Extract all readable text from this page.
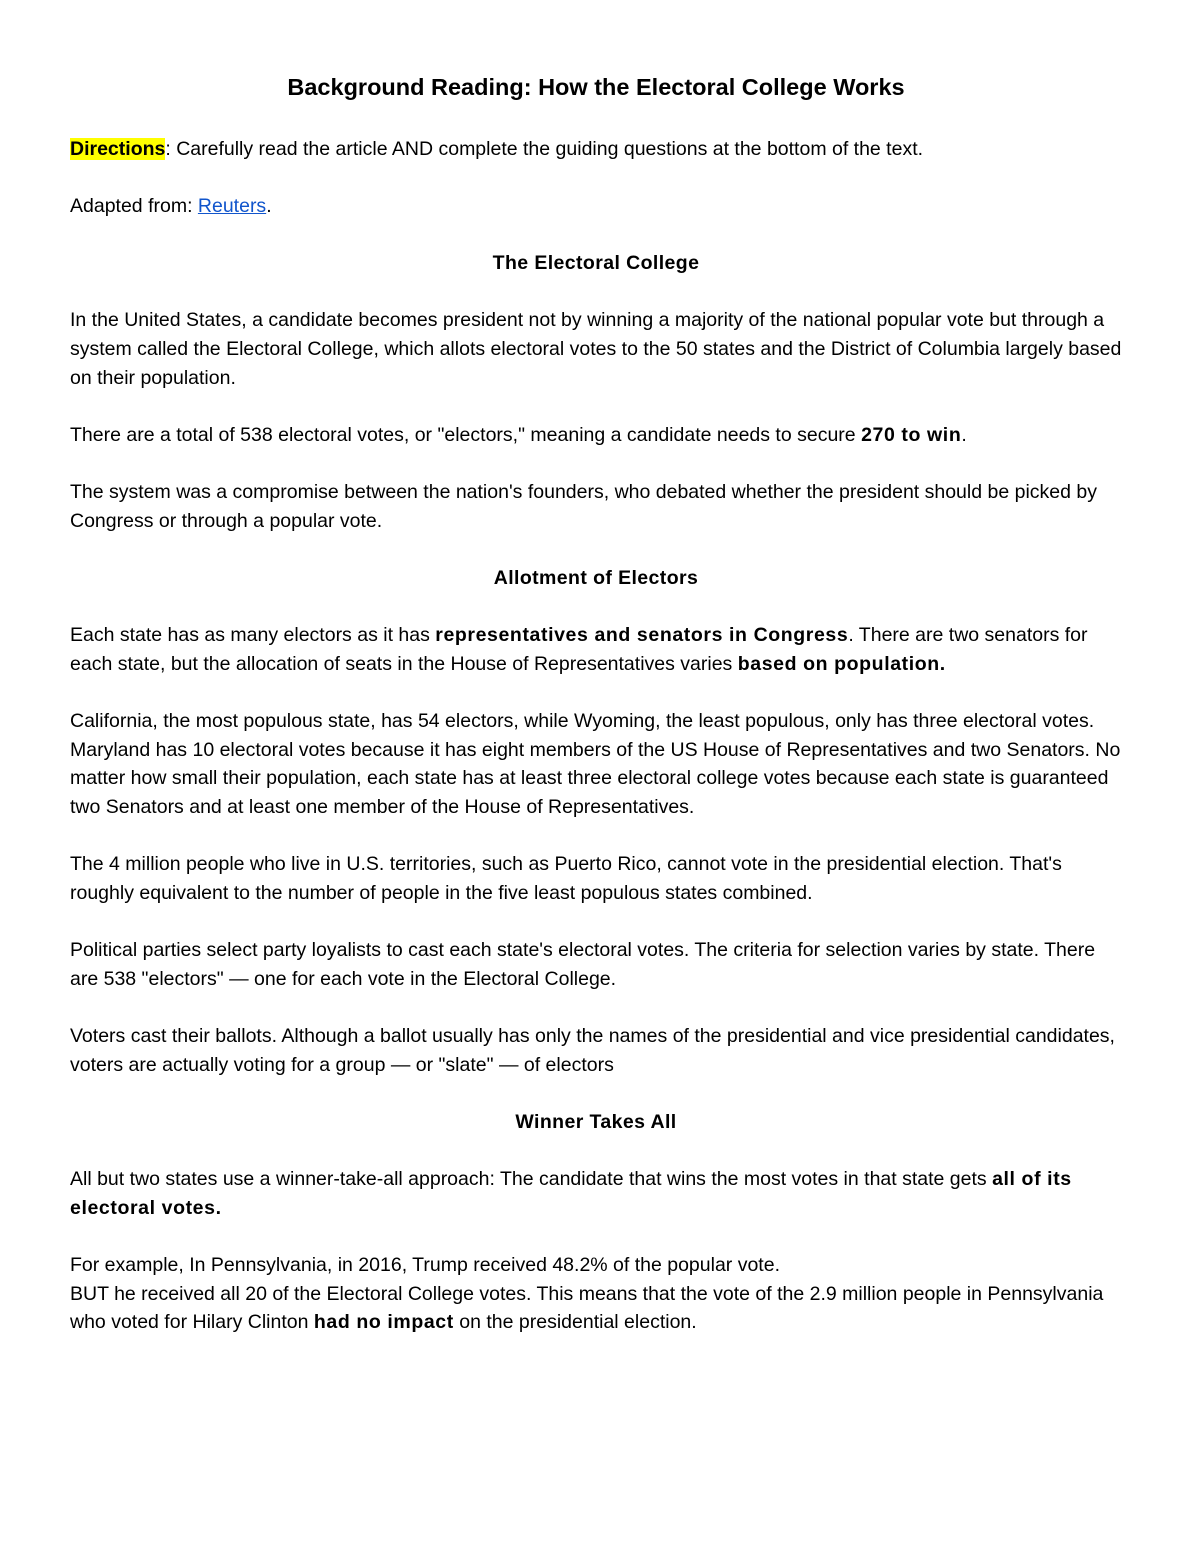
Background Reading: How the Electoral College Works

Directions: Carefully read the article AND complete the guiding questions at the bottom of the text.

Adapted from: Reuters.

The Electoral College

In the United States, a candidate becomes president not by winning a majority of the national popular vote but through a system called the Electoral College, which allots electoral votes to the 50 states and the District of Columbia largely based on their population.

There are a total of 538 electoral votes, or "electors," meaning a candidate needs to secure 270 to win.

The system was a compromise between the nation's founders, who debated whether the president should be picked by Congress or through a popular vote.

Allotment of Electors

Each state has as many electors as it has representatives and senators in Congress. There are two senators for each state, but the allocation of seats in the House of Representatives varies based on population.

California, the most populous state, has 54 electors, while Wyoming, the least populous, only has three electoral votes. Maryland has 10 electoral votes because it has eight members of the US House of Representatives and two Senators. No matter how small their population, each state has at least three electoral college votes because each state is guaranteed two Senators and at least one member of the House of Representatives.

The 4 million people who live in U.S. territories, such as Puerto Rico, cannot vote in the presidential election. That's roughly equivalent to the number of people in the five least populous states combined.

Political parties select party loyalists to cast each state's electoral votes. The criteria for selection varies by state. There are 538 "electors" — one for each vote in the Electoral College.

Voters cast their ballots. Although a ballot usually has only the names of the presidential and vice presidential candidates, voters are actually voting for a group — or "slate" — of electors

Winner Takes All

All but two states use a winner-take-all approach: The candidate that wins the most votes in that state gets all of its electoral votes.

For example, In Pennsylvania, in 2016, Trump received 48.2% of the popular vote.

BUT he received all 20 of the Electoral College votes. This means that the vote of the 2.9 million people in Pennsylvania who voted for Hilary Clinton had no impact on the presidential election.
